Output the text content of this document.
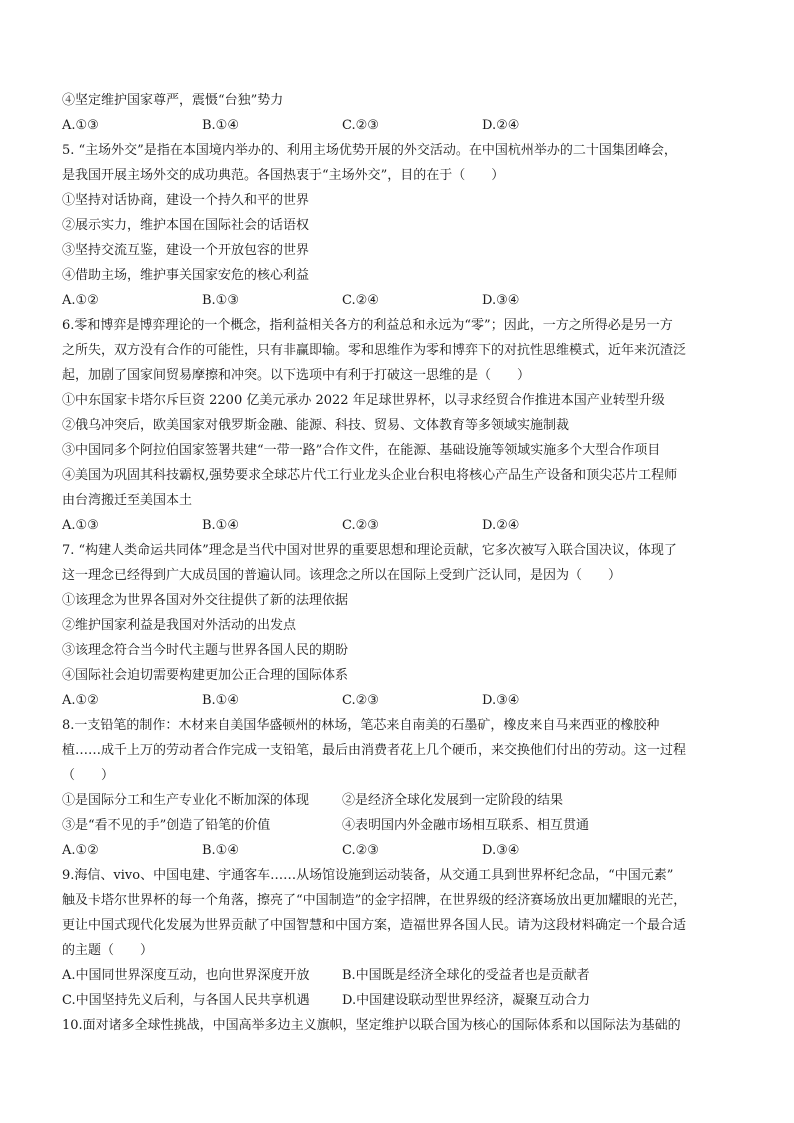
④坚定维护国家尊严，震慑“台独”势力
A.①③	B.①④	C.②③	D.②④
5. “主场外交”是指在本国境内举办的、利用主场优势开展的外交活动。在中国杭州举办的二十国集团峰会，
是我国开展主场外交的成功典范。各国热衷于“主场外交”，目的在于（　　）
①坚持对话协商，建设一个持久和平的世界
②展示实力，维护本国在国际社会的话语权
③坚持交流互鉴，建设一个开放包容的世界
④借助主场，维护事关国家安危的核心利益
A.①②	B.①③	C.②④	D.③④
6.零和博弈是博弈理论的一个概念，指利益相关各方的利益总和永远为“零”；因此，一方之所得必是另一方
之所失，双方没有合作的可能性，只有非赢即输。零和思维作为零和博弈下的对抗性思维模式，近年来沉渣泛
起，加剧了国家间贸易摩擦和冲突。以下选项中有利于打破这一思维的是（　　）
①中东国家卡塔尔斥巨资 2200 亿美元承办 2022 年足球世界杯，以寻求经贸合作推进本国产业转型升级
②俄乌冲突后，欧美国家对俄罗斯金融、能源、科技、贸易、文体教育等多领域实施制裁
③中国同多个阿拉伯国家签署共建“一带一路”合作文件，在能源、基础设施等领域实施多个大型合作项目
④美国为巩固其科技霸权,强势要求全球芯片代工行业龙头企业台积电将核心产品生产设备和顶尖芯片工程师
由台湾搬迁至美国本土
A.①③	B.①④	C.②③	D.②④
7. “构建人类命运共同体”理念是当代中国对世界的重要思想和理论贡献，它多次被写入联合国决议，体现了
这一理念已经得到广大成员国的普遍认同。该理念之所以在国际上受到广泛认同，是因为（　　）
①该理念为世界各国对外交往提供了新的法理依据
②维护国家利益是我国对外活动的出发点
③该理念符合当今时代主题与世界各国人民的期盼
④国际社会迫切需要构建更加公正合理的国际体系
A.①②	B.①④	C.②③	D.③④
8.一支铅笔的制作：木材来自美国华盛顿州的林场，笔芯来自南美的石墨矿，橡皮来自马来西亚的橡胶种
植……成千上万的劳动者合作完成一支铅笔，最后由消费者花上几个硬币，来交换他们付出的劳动。这一过程
（　　）
①是国际分工和生产专业化不断加深的体现	②是经济全球化发展到一定阶段的结果
③是“看不见的手”创造了铅笔的价值	④表明国内外金融市场相互联系、相互贯通
A.①②	B.①④	C.②③	D.③④
9.海信、vivo、中国电建、宇通客车……从场馆设施到运动装备，从交通工具到世界杯纪念品，“中国元素”
触及卡塔尔世界杯的每一个角落，擦亮了“中国制造”的金字招牌，在世界级的经济赛场放出更加耀眼的光芒，
更让中国式现代化发展为世界贡献了中国智慧和中国方案，造福世界各国人民。请为这段材料确定一个最合适
的主题（　　）
A.中国同世界深度互动，也向世界深度开放	B.中国既是经济全球化的受益者也是贡献者
C.中国坚持先义后利，与各国人民共享机遇	D.中国建设联动型世界经济，凝聚互动合力
10.面对诸多全球性挑战，中国高举多边主义旗帜，坚定维护以联合国为核心的国际体系和以国际法为基础的
